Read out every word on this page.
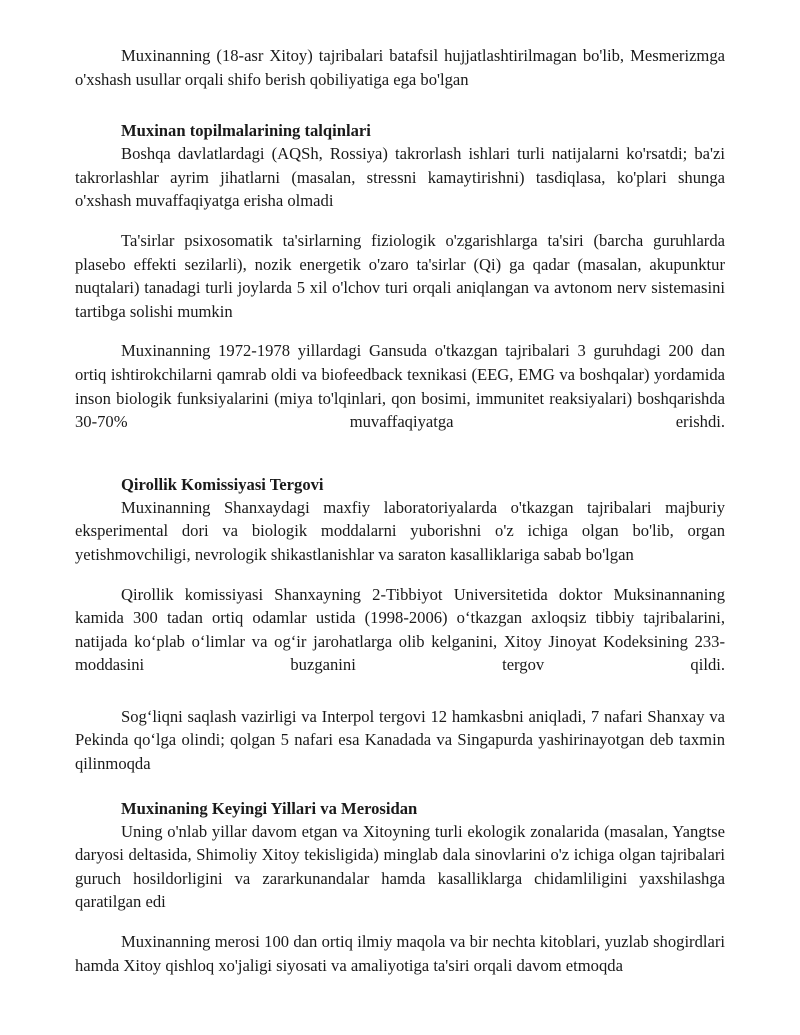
Muxinanning (18-asr Xitoy) tajribalari batafsil hujjatlashtirilmagan bo'lib, Mesmerizmga o'xshash usullar orqali shifo berish qobiliyatiga ega bo'lgan

Muxinan topilmalarining talqinlari

Boshqa davlatlardagi (AQSh, Rossiya) takrorlash ishlari turli natijalarni ko'rsatdi; ba'zi takrorlashlar ayrim jihatlarni (masalan, stressni kamaytirishni) tasdiqlasa, ko'plari shunga o'xshash muvaffaqiyatga erisha olmadi

Ta'sirlar psixosomatik ta'sirlarning fiziologik o'zgarishlarga ta'siri (barcha guruhlarda plasebo effekti sezilarli), nozik energetik o'zaro ta'sirlar (Qi) ga qadar (masalan, akupunktur nuqtalari) tanadagi turli joylarda 5 xil o'lchov turi orqali aniqlangan va avtonom nerv sistemasini tartibga solishi mumkin

Muxinanning 1972-1978 yillardagi Gansuda o'tkazgan tajribalari 3 guruhdagi 200 dan ortiq ishtirokchilarni qamrab oldi va biofeedback texnikasi (EEG, EMG va boshqalar) yordamida inson biologik funksiyalarini (miya to'lqinlari, qon bosimi, immunitet reaksiyalari) boshqarishda 30-70% muvaffaqiyatga erishdi.

Qirollik Komissiyasi Tergovi

Muxinanning Shanxaydagi maxfiy laboratoriyalarda o'tkazgan tajribalari majburiy eksperimental dori va biologik moddalarni yuborishni o'z ichiga olgan bo'lib, organ yetishmovchiligi, nevrologik shikastlanishlar va saraton kasalliklariga sabab bo'lgan

Qirollik komissiyasi Shanxayning 2-Tibbiyot Universitetida doktor Muksinannaning kamida 300 tadan ortiq odamlar ustida (1998-2006) oʻtkazgan axloqsiz tibbiy tajribalarini, natijada koʻplab oʻlimlar va ogʻir jarohatlarga olib kelganini, Xitoy Jinoyat Kodeksining 233-moddasini buzganini tergov qildi.

Sogʻliqni saqlash vazirligi va Interpol tergovi 12 hamkasbni aniqladi, 7 nafari Shanxay va Pekinda qoʻlga olindi; qolgan 5 nafari esa Kanadada va Singapurda yashirinayotgan deb taxmin qilinmoqda

Muxinaning Keyingi Yillari va Merosidan

Uning o'nlab yillar davom etgan va Xitoyning turli ekologik zonalarida (masalan, Yangtse daryosi deltasida, Shimoliy Xitoy tekisligida) minglab dala sinovlarini o'z ichiga olgan tajribalari guruch hosildorligini va zararkunandalar hamda kasalliklarga chidamliligini yaxshilashga qaratilgan edi

Muxinanning merosi 100 dan ortiq ilmiy maqola va bir nechta kitoblari, yuzlab shogirdlari hamda Xitoy qishloq xo'jaligi siyosati va amaliyotiga ta'siri orqali davom etmoqda
